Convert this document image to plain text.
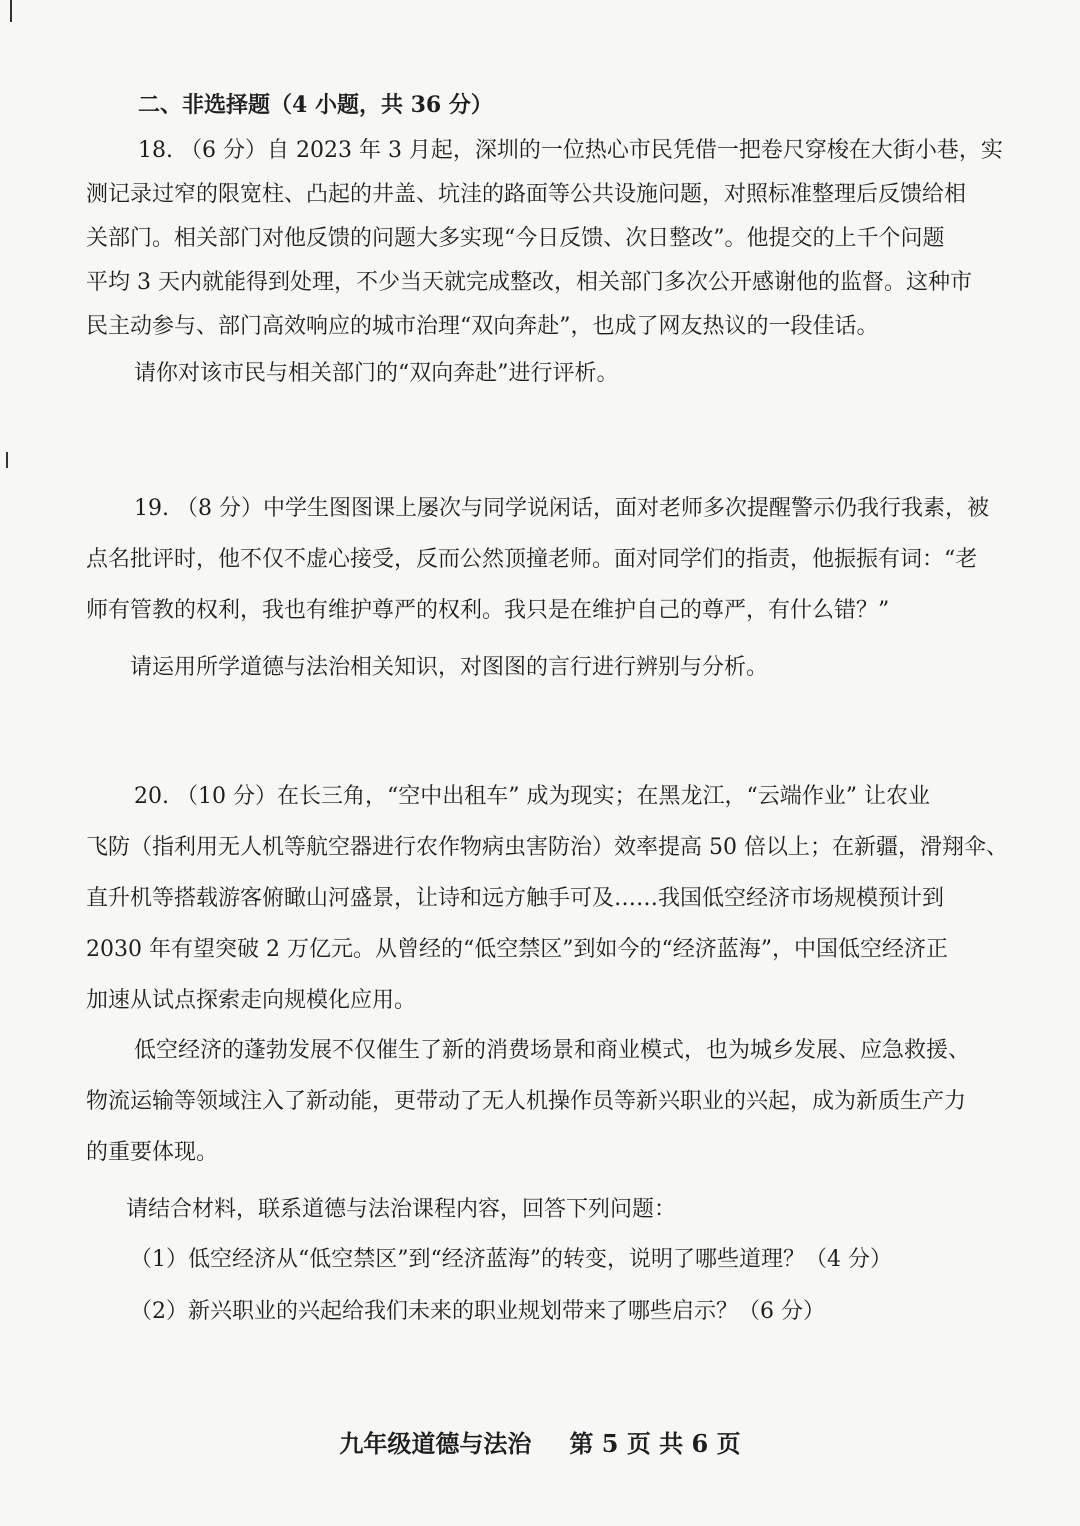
二、非选择题（4 小题，共 36 分）
18. （6 分）自 2023 年 3 月起，深圳的一位热心市民凭借一把卷尺穿梭在大街小巷，实
测记录过窄的限宽柱、凸起的井盖、坑洼的路面等公共设施问题，对照标准整理后反馈给相
关部门。相关部门对他反馈的问题大多实现“今日反馈、次日整改”。他提交的上千个问题
平均 3 天内就能得到处理，不少当天就完成整改，相关部门多次公开感谢他的监督。这种市
民主动参与、部门高效响应的城市治理“双向奔赴”，也成了网友热议的一段佳话。
请你对该市民与相关部门的“双向奔赴”进行评析。
19. （8 分）中学生图图课上屡次与同学说闲话，面对老师多次提醒警示仍我行我素，被
点名批评时，他不仅不虚心接受，反而公然顶撞老师。面对同学们的指责，他振振有词：“老
师有管教的权利，我也有维护尊严的权利。我只是在维护自己的尊严，有什么错？”
请运用所学道德与法治相关知识，对图图的言行进行辨别与分析。
20. （10 分）在长三角，“空中出租车” 成为现实；在黑龙江，“云端作业” 让农业
飞防（指利用无人机等航空器进行农作物病虫害防治）效率提高 50 倍以上；在新疆，滑翔伞、
直升机等搭载游客俯瞰山河盛景，让诗和远方触手可及……我国低空经济市场规模预计到
2030 年有望突破 2 万亿元。从曾经的“低空禁区”到如今的“经济蓝海”，中国低空经济正
加速从试点探索走向规模化应用。
低空经济的蓬勃发展不仅催生了新的消费场景和商业模式，也为城乡发展、应急救援、
物流运输等领域注入了新动能，更带动了无人机操作员等新兴职业的兴起，成为新质生产力
的重要体现。
请结合材料，联系道德与法治课程内容，回答下列问题：
（1）低空经济从“低空禁区”到“经济蓝海”的转变，说明了哪些道理？（4 分）
（2）新兴职业的兴起给我们未来的职业规划带来了哪些启示？（6 分）
九年级道德与法治 第 5 页 共 6 页
